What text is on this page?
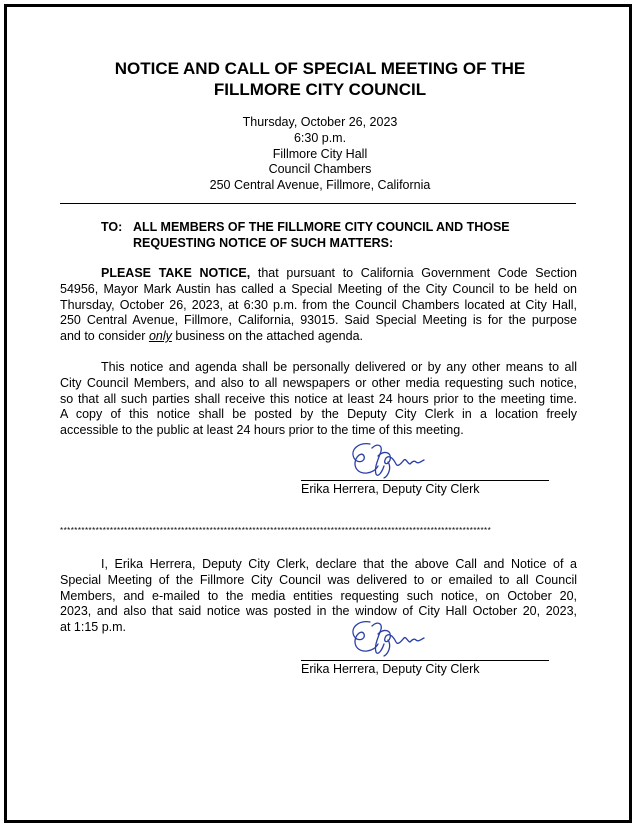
NOTICE AND CALL OF SPECIAL MEETING OF THE
FILLMORE CITY COUNCIL
Thursday, October 26, 2023
6:30 p.m.
Fillmore City Hall
Council Chambers
250 Central Avenue, Fillmore, California
TO: ALL MEMBERS OF THE FILLMORE CITY COUNCIL AND THOSE
REQUESTING NOTICE OF SUCH MATTERS:
PLEASE TAKE NOTICE, that pursuant to California Government Code Section
54956, Mayor Mark Austin has called a Special Meeting of the City Council to be held on
Thursday, October 26, 2023, at 6:30 p.m. from the Council Chambers located at City Hall,
250 Central Avenue, Fillmore, California, 93015. Said Special Meeting is for the purpose
and to consider only business on the attached agenda.
This notice and agenda shall be personally delivered or by any other means to all
City Council Members, and also to all newspapers or other media requesting such notice,
so that all such parties shall receive this notice at least 24 hours prior to the meeting time.
A copy of this notice shall be posted by the Deputy City Clerk in a location freely
accessible to the public at least 24 hours prior to the time of this meeting.
Erika Herrera, Deputy City Clerk
*************************************************************************************************************************
I, Erika Herrera, Deputy City Clerk, declare that the above Call and Notice of a
Special Meeting of the Fillmore City Council was delivered to or emailed to all Council
Members, and e-mailed to the media entities requesting such notice, on October 20,
2023, and also that said notice was posted in the window of City Hall October 20, 2023,
at 1:15 p.m.
Erika Herrera, Deputy City Clerk
